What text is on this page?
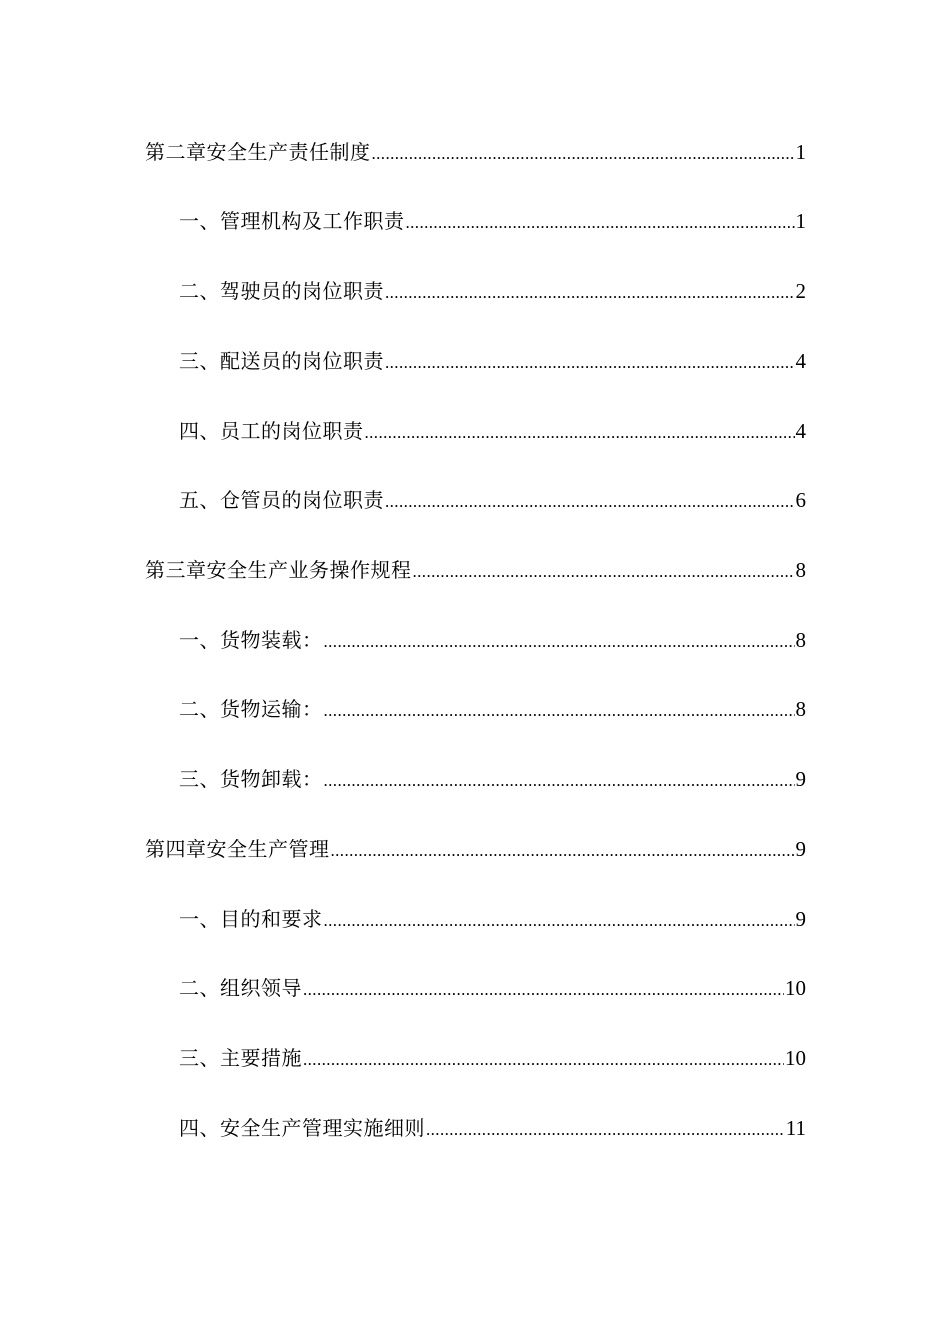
第二章安全生产责任制度 .....	1
一、管理机构及工作职责 .....	1
二、驾驶员的岗位职责 .....	2
三、配送员的岗位职责 .....	4
四、员工的岗位职责 .....	4
五、仓管员的岗位职责 .....	6
第三章安全生产业务操作规程 .....	8
一、货物装载： .....	8
二、货物运输： .....	8
三、货物卸载： .....	9
第四章安全生产管理 .....	9
一、目的和要求 .....	9
二、组织领导 .....	10
三、主要措施 .....	10
四、安全生产管理实施细则 .....	11
